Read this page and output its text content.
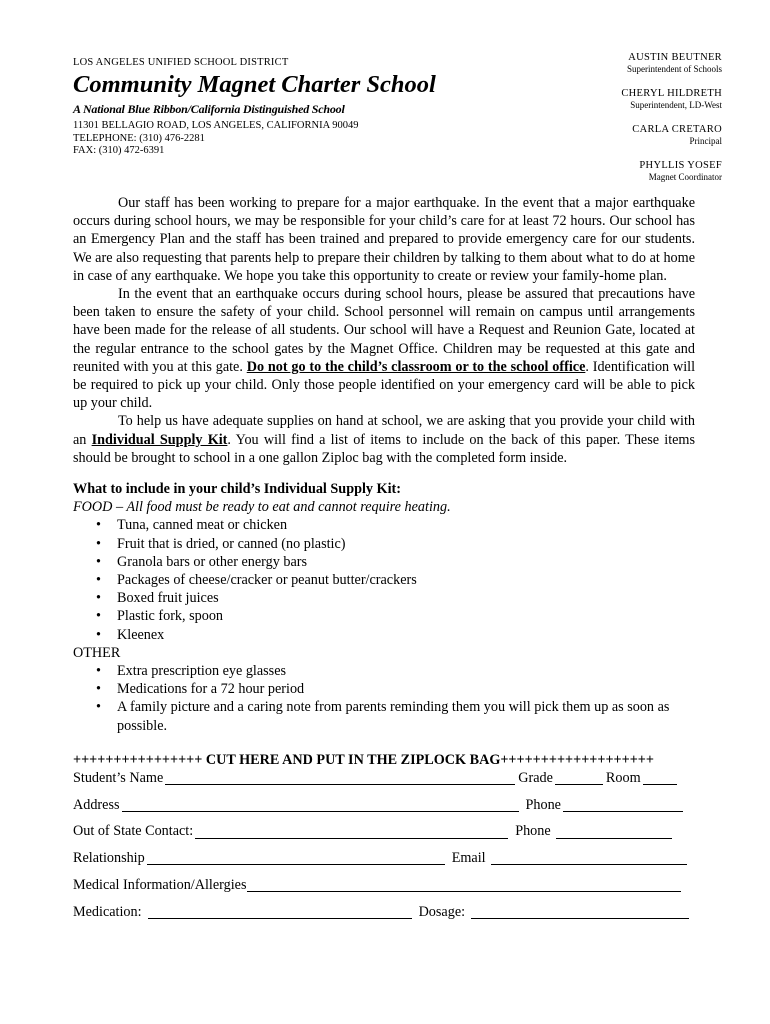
LOS ANGELES UNIFIED SCHOOL DISTRICT
Community Magnet Charter School
A National Blue Ribbon/California Distinguished School
11301 BELLAGIO ROAD, LOS ANGELES, CALIFORNIA 90049
TELEPHONE: (310) 476-2281
FAX: (310) 472-6391
AUSTIN BEUTNER
Superintendent of Schools
CHERYL HILDRETH
Superintendent, LD-West
CARLA CRETARO
Principal
PHYLLIS YOSEF
Magnet Coordinator

Our staff has been working to prepare for a major earthquake. In the event that a major earthquake occurs during school hours, we may be responsible for your child’s care for at least 72 hours. Our school has an Emergency Plan and the staff has been trained and prepared to provide emergency care for our students. We are also requesting that parents help to prepare their children by talking to them about what to do at home in case of any earthquake. We hope you take this opportunity to create or review your family-home plan.

In the event that an earthquake occurs during school hours, please be assured that precautions have been taken to ensure the safety of your child. School personnel will remain on campus until arrangements have been made for the release of all students. Our school will have a Request and Reunion Gate, located at the regular entrance to the school gates by the Magnet Office. Children may be requested at this gate and reunited with you at this gate. Do not go to the child’s classroom or to the school office. Identification will be required to pick up your child. Only those people identified on your emergency card will be able to pick up your child.

To help us have adequate supplies on hand at school, we are asking that you provide your child with an Individual Supply Kit. You will find a list of items to include on the back of this paper. These items should be brought to school in a one gallon Ziploc bag with the completed form inside.

What to include in your child’s Individual Supply Kit:
FOOD – All food must be ready to eat and cannot require heating.
• Tuna, canned meat or chicken
• Fruit that is dried, or canned (no plastic)
• Granola bars or other energy bars
• Packages of cheese/cracker or peanut butter/crackers
• Boxed fruit juices
• Plastic fork, spoon
• Kleenex
OTHER
• Extra prescription eye glasses
• Medications for a 72 hour period
• A family picture and a caring note from parents reminding them you will pick them up as soon as possible.
++++++++++++++++ CUT HERE AND PUT IN THE ZIPLOCK BAG+++++++++++++++++++
Student’s Name	Grade	Room
Address	Phone
Out of State Contact:	Phone
Relationship	Email
Medical Information/Allergies
Medication:	Dosage:
